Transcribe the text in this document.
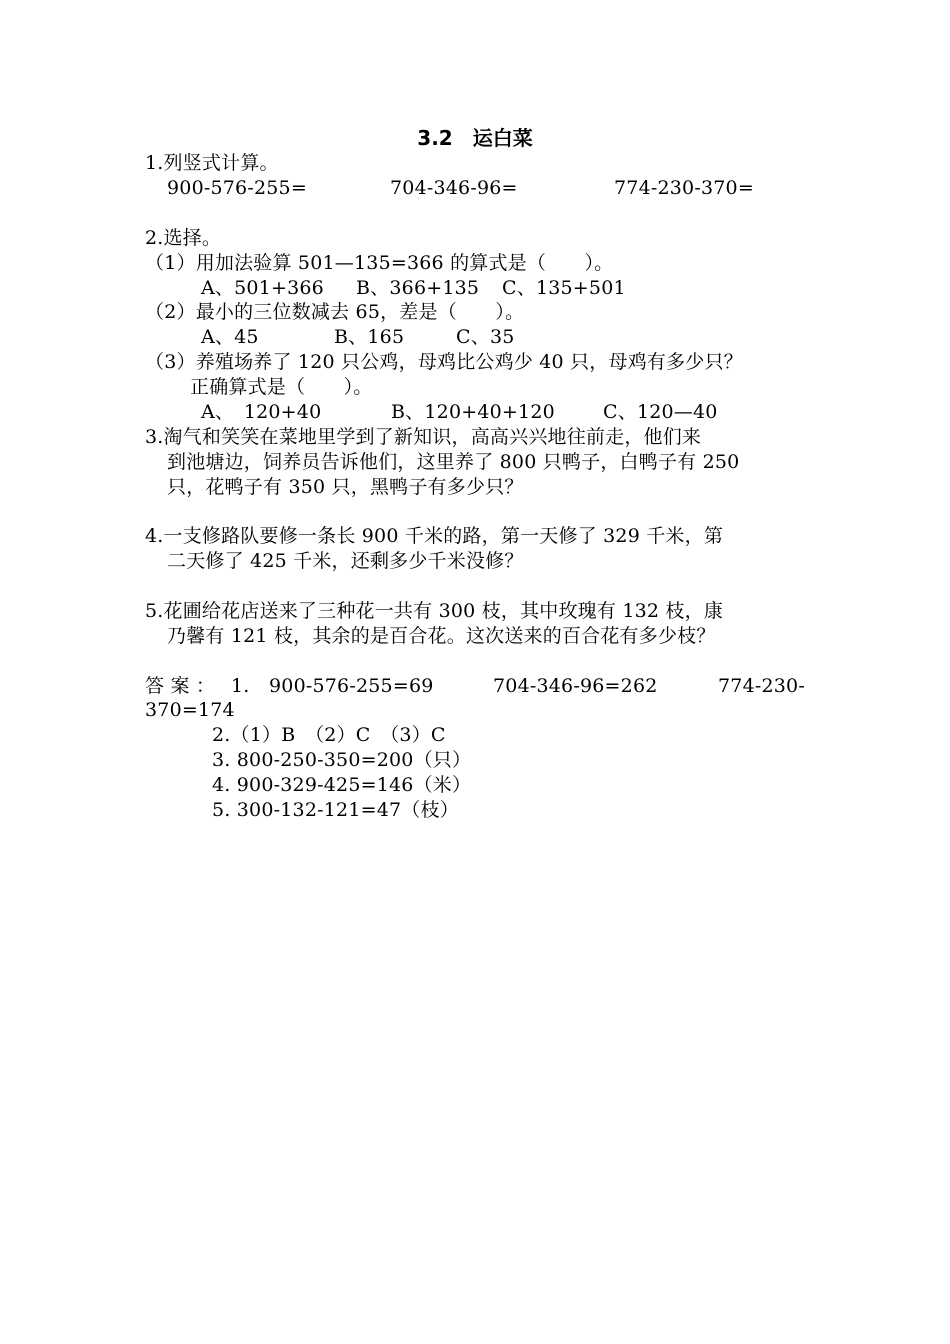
3.2　运白菜
1.列竖式计算。
900-576-255=	704-346-96=	774-230-370=
2.选择。
（1）用加法验算 501—135=366 的算式是（　　）。
A、501+366 B、366+135 C、135+501
（2）最小的三位数减去 65，差是（　　）。
A、45	B、165	C、35
（3）养殖场养了 120 只公鸡，母鸡比公鸡少 40 只，母鸡有多少只？
正确算式是（　　）。
A、　120+40	B、120+40+120	C、120—40
3.淘气和笑笑在菜地里学到了新知识，高高兴兴地往前走，他们来
到池塘边，饲养员告诉他们，这里养了 800 只鸭子，白鸭子有 250
只，花鸭子有 350 只，黑鸭子有多少只？
4.一支修路队要修一条长 900 千米的路，第一天修了 329 千米，第
二天修了 425 千米，还剩多少千米没修？
5.花圃给花店送来了三种花一共有 300 枝，其中玫瑰有 132 枝，康
乃馨有 121 枝，其余的是百合花。这次送来的百合花有多少枝？
答 案 ： 1. 900-576-255=69	704-346-96=262	774-230-
370=174
2.（1）B　（2）C　（3）C
3. 800-250-350=200（只）
4. 900-329-425=146（米）
5. 300-132-121=47（枝）
